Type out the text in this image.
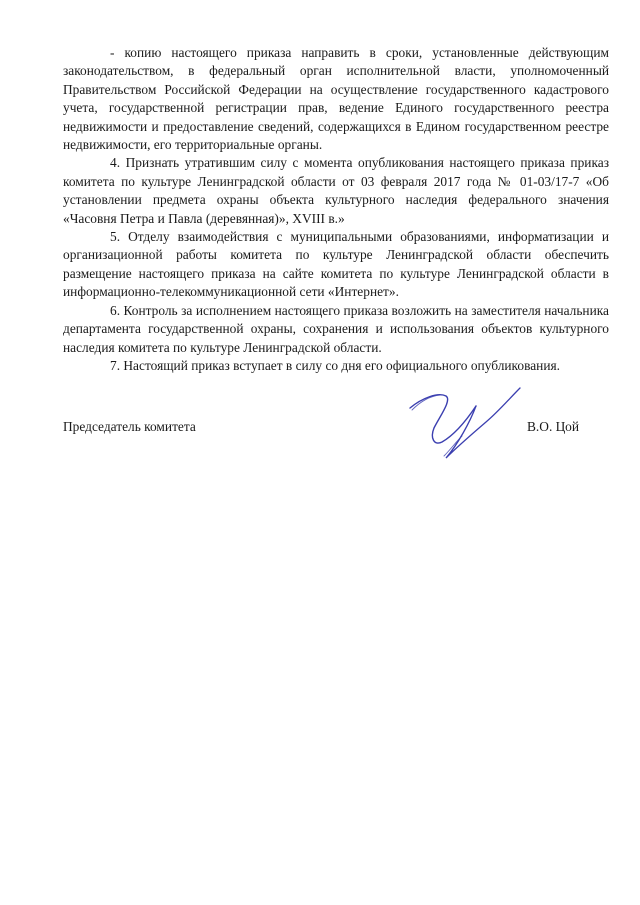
- копию настоящего приказа направить в сроки, установленные действующим законодательством, в федеральный орган исполнительной власти, уполномоченный Правительством Российской Федерации на осуществление государственного кадастрового учета, государственной регистрации прав, ведение Единого государственного реестра недвижимости и предоставление сведений, содержащихся в Едином государственном реестре недвижимости, его территориальные органы.

4. Признать утратившим силу с момента опубликования настоящего приказа приказ комитета по культуре Ленинградской области от 03 февраля 2017 года № 01-03/17-7 «Об установлении предмета охраны объекта культурного наследия федерального значения «Часовня Петра и Павла (деревянная)», XVIII в.»

5. Отделу взаимодействия с муниципальными образованиями, информатизации и организационной работы комитета по культуре Ленинградской области обеспечить размещение настоящего приказа на сайте комитета по культуре Ленинградской области в информационно-телекоммуникационной сети «Интернет».

6. Контроль за исполнением настоящего приказа возложить на заместителя начальника департамента государственной охраны, сохранения и использования объектов культурного наследия комитета по культуре Ленинградской области.

7. Настоящий приказ вступает в силу со дня его официального опубликования.

Председатель комитета	В.О. Цой
